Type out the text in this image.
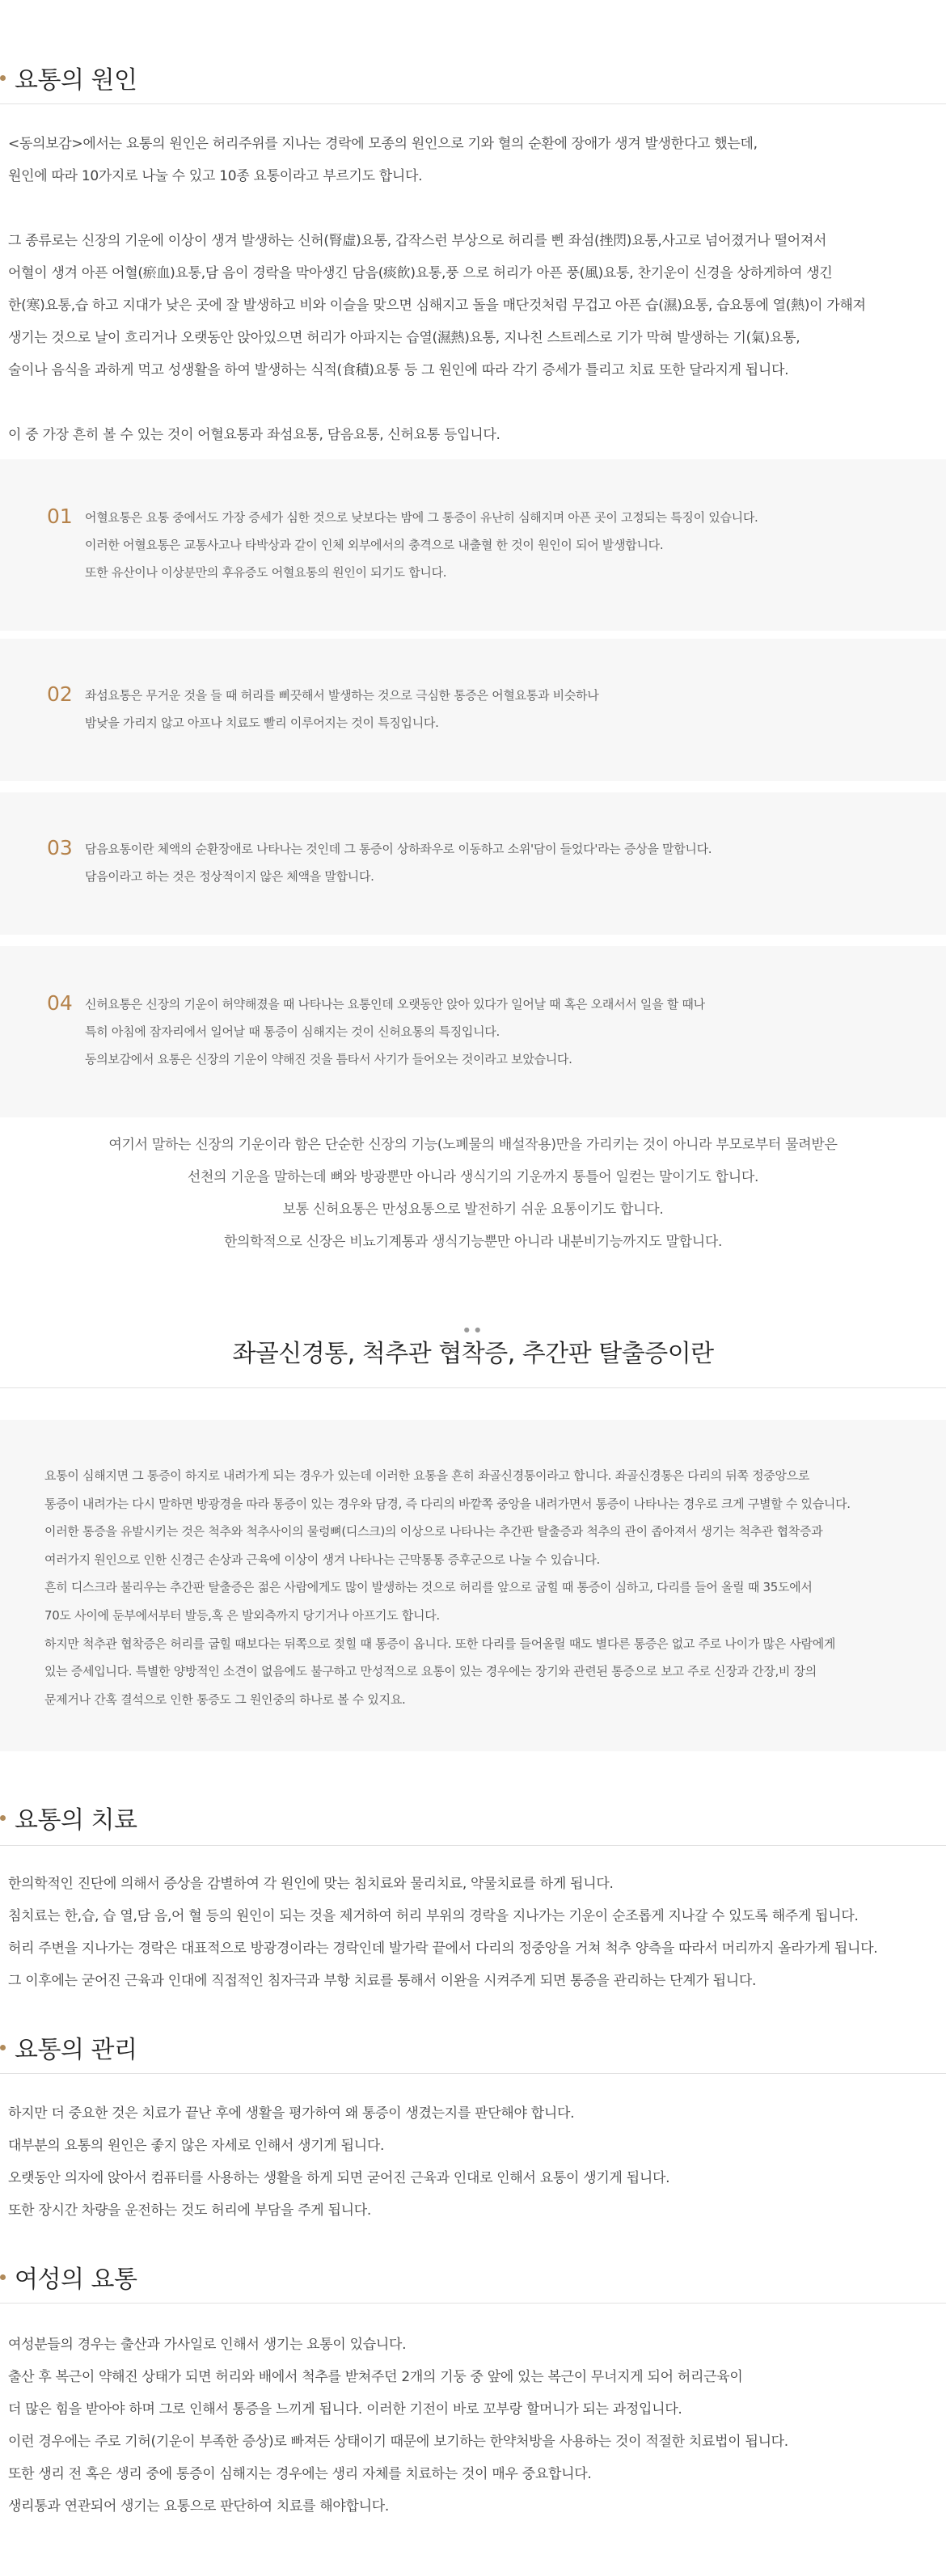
요통의 원인

<동의보감>에서는 요통의 원인은 허리주위를 지나는 경락에 모종의 원인으로 기와 혈의 순환에 장애가 생겨 발생한다고 했는데,

원인에 따라 10가지로 나눌 수 있고 10종 요통이라고 부르기도 합니다.

그 종류로는 신장의 기운에 이상이 생겨 발생하는 신허(腎虛)요통, 갑작스런 부상으로 허리를 삔 좌섬(挫閃)요통,사고로 넘어졌거나 떨어져서

어혈이 생겨 아픈 어혈(瘀血)요통,담 음이 경락을 막아생긴 담음(痰飮)요통,풍 으로 허리가 아픈 풍(風)요통, 찬기운이 신경을 상하게하여 생긴

한(寒)요통,습 하고 지대가 낮은 곳에 잘 발생하고 비와 이슬을 맞으면 심해지고 돌을 매단것처럼 무겁고 아픈 습(濕)요통, 습요통에 열(熱)이 가해져

생기는 것으로 날이 흐리거나 오랫동안 앉아있으면 허리가 아파지는 습열(濕熱)요통, 지나친 스트레스로 기가 막혀 발생하는 기(氣)요통,

술이나 음식을 과하게 먹고 성생활을 하여 발생하는 식적(食積)요통 등 그 원인에 따라 각기 증세가 틀리고 치료 또한 달라지게 됩니다.

이 중 가장 흔히 볼 수 있는 것이 어혈요통과 좌섬요통, 담음요통, 신허요통 등입니다.

01 어혈요통은 요통 중에서도 가장 증세가 심한 것으로 낮보다는 밤에 그 통증이 유난히 심해지며 아픈 곳이 고정되는 특징이 있습니다.

이러한 어혈요통은 교통사고나 타박상과 같이 인체 외부에서의 충격으로 내출혈 한 것이 원인이 되어 발생합니다.

또한 유산이나 이상분만의 후유증도 어혈요통의 원인이 되기도 합니다.

02 좌섬요통은 무거운 것을 들 때 허리를 삐끗해서 발생하는 것으로 극심한 통증은 어혈요통과 비슷하나

밤낮을 가리지 않고 아프나 치료도 빨리 이루어지는 것이 특징입니다.

03 담음요통이란 체액의 순환장애로 나타나는 것인데 그 통증이 상하좌우로 이동하고 소위'담이 들었다'라는 증상을 말합니다.

담음이라고 하는 것은 정상적이지 않은 체액을 말합니다.

04 신허요통은 신장의 기운이 허약해졌을 때 나타나는 요통인데 오랫동안 앉아 있다가 일어날 때 혹은 오래서서 일을 할 때나

특히 아침에 잠자리에서 일어날 때 통증이 심해지는 것이 신허요통의 특징입니다.

동의보감에서 요통은 신장의 기운이 약해진 것을 틈타서 사기가 들어오는 것이라고 보았습니다.

여기서 말하는 신장의 기운이라 함은 단순한 신장의 기능(노폐물의 배설작용)만을 가리키는 것이 아니라 부모로부터 물려받은

선천의 기운을 말하는데 뼈와 방광뿐만 아니라 생식기의 기운까지 통틀어 일컫는 말이기도 합니다.

보통 신허요통은 만성요통으로 발전하기 쉬운 요통이기도 합니다.

한의학적으로 신장은 비뇨기계통과 생식기능뿐만 아니라 내분비기능까지도 말합니다.

● ●
좌골신경통, 척추관 협착증, 추간판 탈출증이란

요통이 심해지면 그 통증이 하지로 내려가게 되는 경우가 있는데 이러한 요통을 흔히 좌골신경통이라고 합니다. 좌골신경통은 다리의 뒤쪽 정중앙으로

통증이 내려가는 다시 말하면 방광경을 따라 통증이 있는 경우와 담경, 즉 다리의 바깥쪽 중앙을 내려가면서 통증이 나타나는 경우로 크게 구별할 수 있습니다.

이러한 통증을 유발시키는 것은 척추와 척추사이의 물렁뼈(디스크)의 이상으로 나타나는 추간판 탈출증과 척추의 관이 좁아져서 생기는 척추관 협착증과

여러가지 원인으로 인한 신경근 손상과 근육에 이상이 생겨 나타나는 근막통통 증후군으로 나눌 수 있습니다.

흔히 디스크라 불리우는 추간판 탈출증은 젊은 사람에게도 많이 발생하는 것으로 허리를 앞으로 굽힐 때 통증이 심하고, 다리를 들어 올릴 때 35도에서

70도 사이에 둔부에서부터 발등,혹 은 발외측까지 당기거나 아프기도 합니다.

하지만 척추관 협착증은 허리를 굽힐 때보다는 뒤쪽으로 젖힐 때 통증이 옵니다. 또한 다리를 들어올릴 때도 별다른 통증은 없고 주로 나이가 많은 사람에게

있는 증세입니다. 특별한 양방적인 소견이 없음에도 불구하고 만성적으로 요통이 있는 경우에는 장기와 관련된 통증으로 보고 주로 신장과 간장,비 장의

문제거나 간혹 결석으로 인한 통증도 그 원인중의 하나로 볼 수 있지요.

요통의 치료

한의학적인 진단에 의해서 증상을 감별하여 각 원인에 맞는 침치료와 물리치료, 약물치료를 하게 됩니다.

침치료는 한,습, 습 열,담 음,어 혈 등의 원인이 되는 것을 제거하여 허리 부위의 경락을 지나가는 기운이 순조롭게 지나갈 수 있도록 해주게 됩니다.

허리 주변을 지나가는 경락은 대표적으로 방광경이라는 경락인데 발가락 끝에서 다리의 정중앙을 거쳐 척추 양측을 따라서 머리까지 올라가게 됩니다.

그 이후에는 굳어진 근육과 인대에 직접적인 침자극과 부항 치료를 통해서 이완을 시켜주게 되면 통증을 관리하는 단계가 됩니다.

요통의 관리

하지만 더 중요한 것은 치료가 끝난 후에 생활을 평가하여 왜 통증이 생겼는지를 판단해야 합니다.

대부분의 요통의 원인은 좋지 않은 자세로 인해서 생기게 됩니다.

오랫동안 의자에 앉아서 컴퓨터를 사용하는 생활을 하게 되면 굳어진 근육과 인대로 인해서 요통이 생기게 됩니다.

또한 장시간 차량을 운전하는 것도 허리에 부담을 주게 됩니다.

여성의 요통

여성분들의 경우는 출산과 가사일로 인해서 생기는 요통이 있습니다.

출산 후 복근이 약해진 상태가 되면 허리와 배에서 척추를 받쳐주던 2개의 기둥 중 앞에 있는 복근이 무너지게 되어 허리근육이

더 많은 힘을 받아야 하며 그로 인해서 통증을 느끼게 됩니다. 이러한 기전이 바로 꼬부랑 할머니가 되는 과정입니다.

이런 경우에는 주로 기허(기운이 부족한 증상)로 빠져든 상태이기 때문에 보기하는 한약처방을 사용하는 것이 적절한 치료법이 됩니다.

또한 생리 전 혹은 생리 중에 통증이 심해지는 경우에는 생리 자체를 치료하는 것이 매우 중요합니다.

생리통과 연관되어 생기는 요통으로 판단하여 치료를 해야합니다.
